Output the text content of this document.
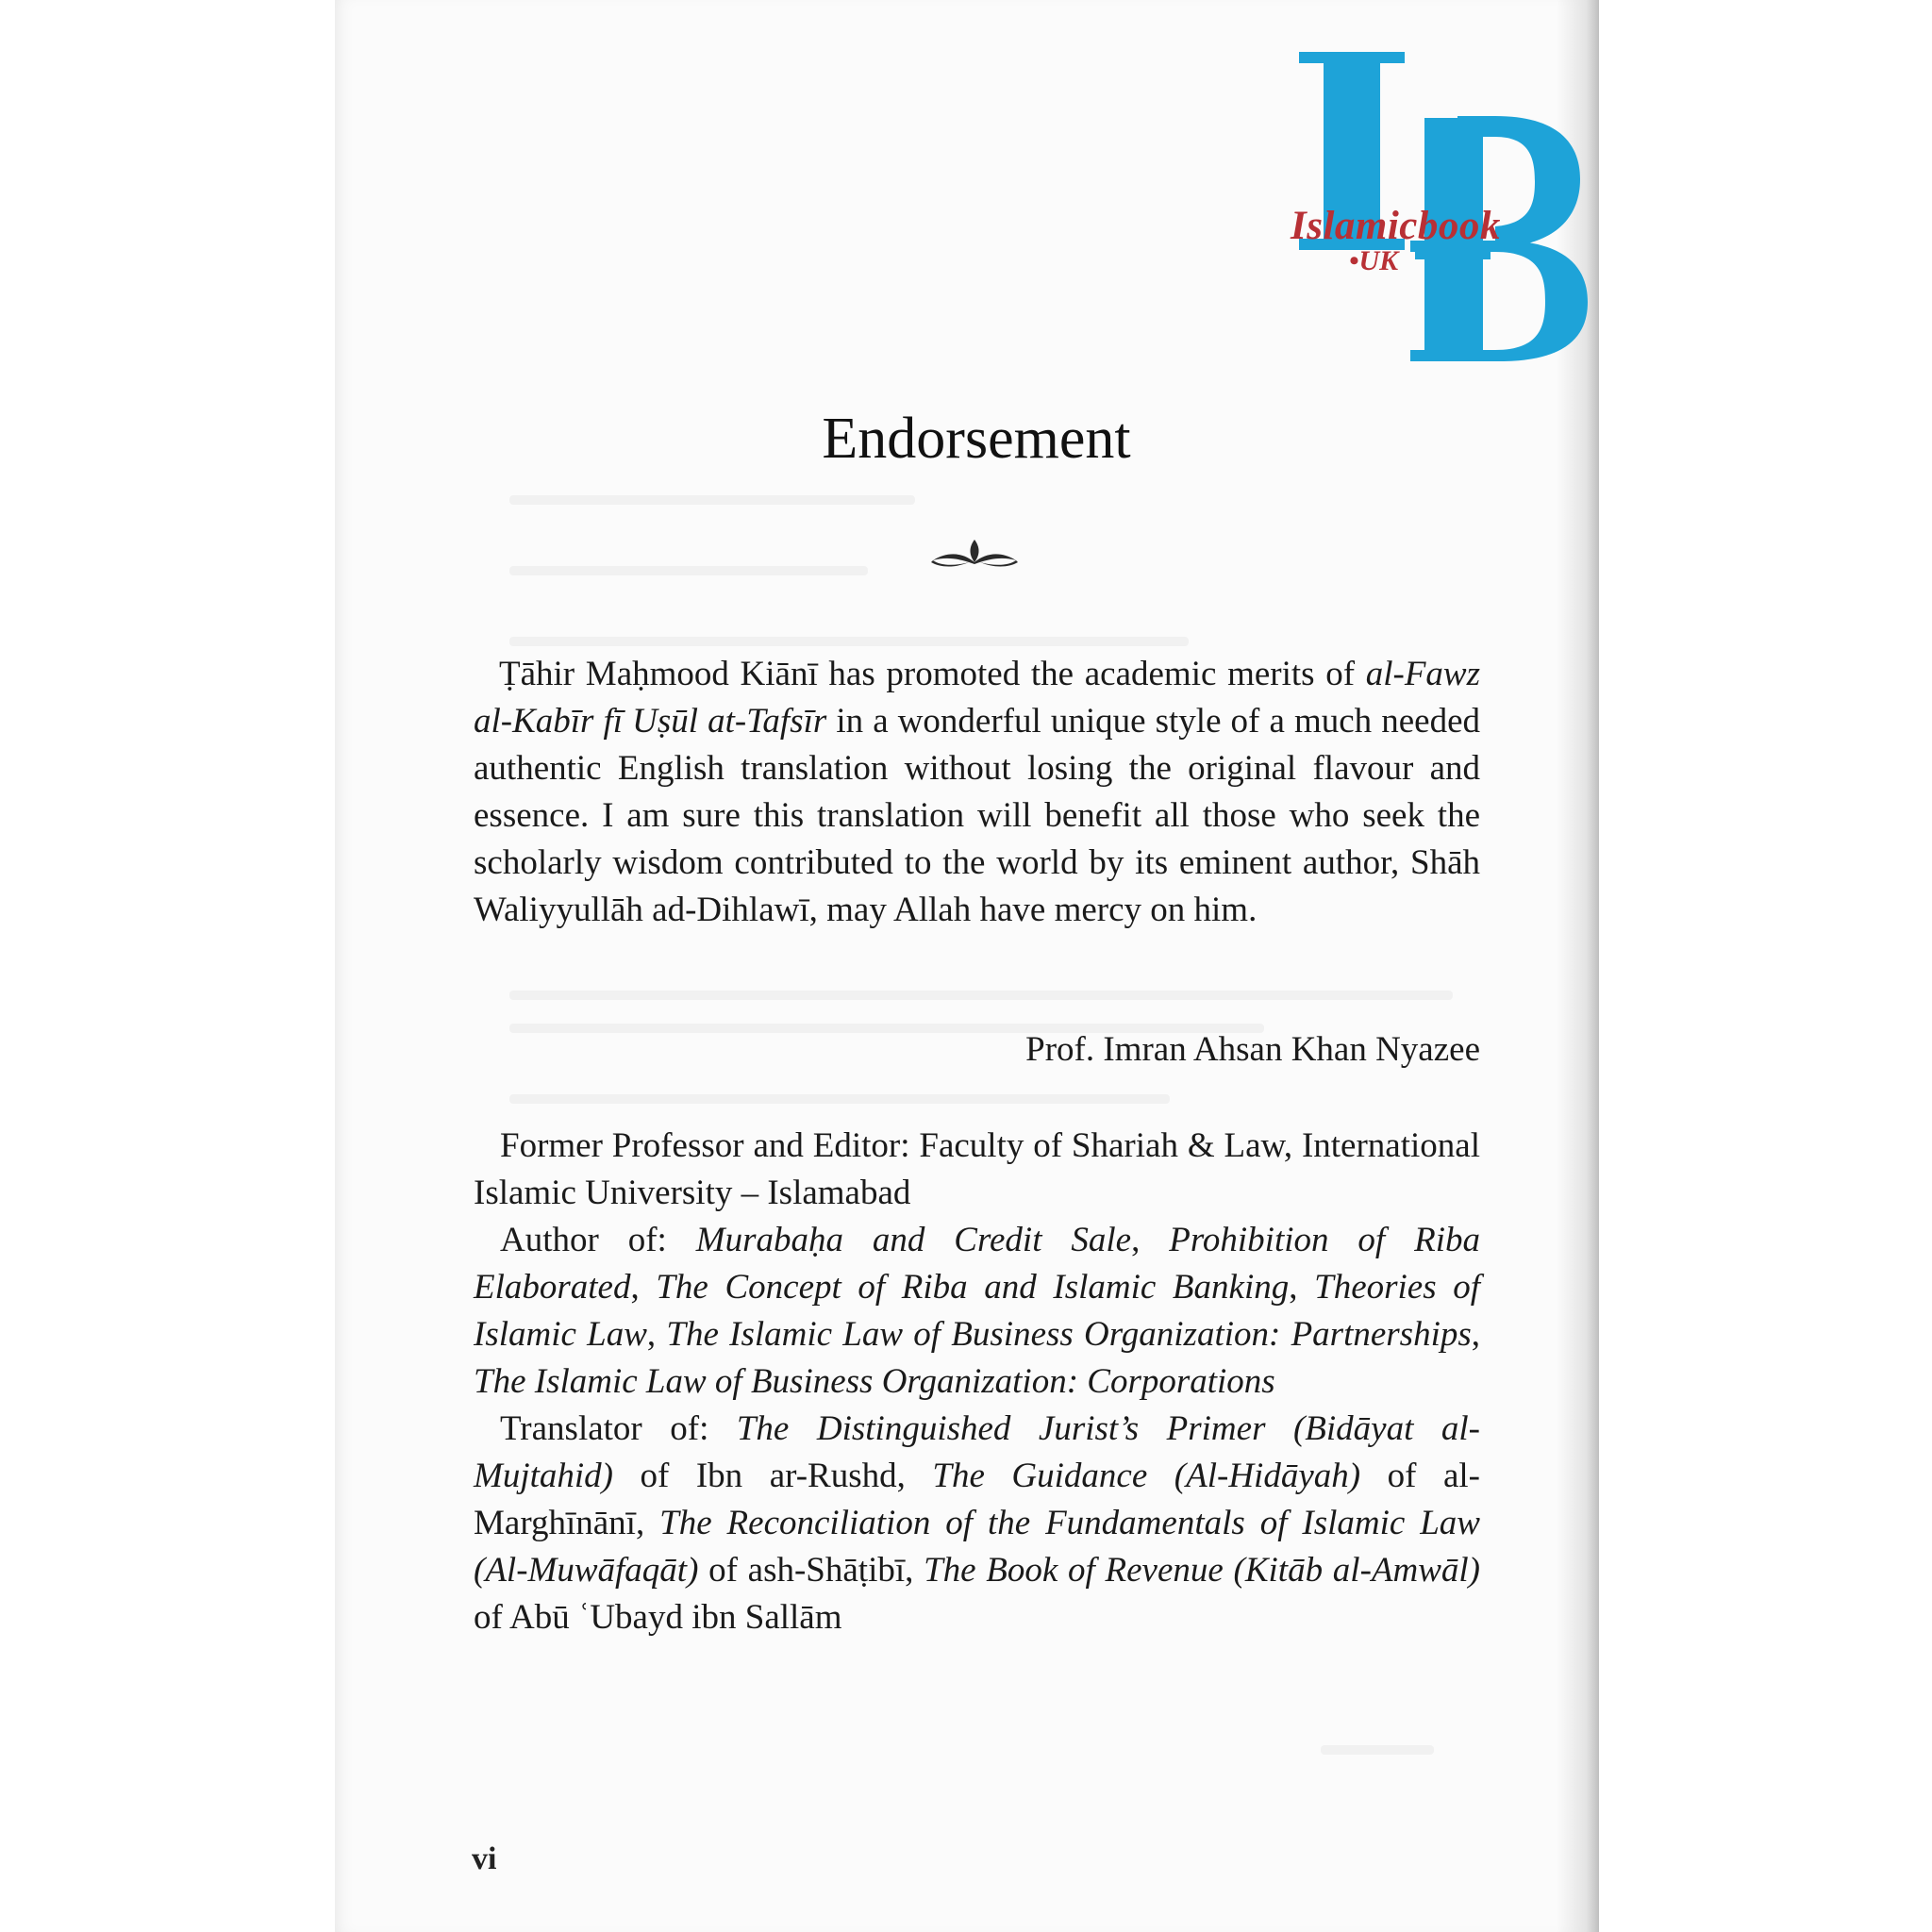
Islamicbook
•UK
Endorsement

Ṭāhir Maḥmood Kiānī has promoted the academic merits of al-Fawz al-Kabīr fī Uṣūl at-Tafsīr in a wonderful unique style of a much needed authentic English translation without losing the original flavour and essence. I am sure this translation will benefit all those who seek the scholarly wisdom contributed to the world by its eminent author, Shāh Waliyyullāh ad-Dihlawī, may Allah have mercy on him.

Prof. Imran Ahsan Khan Nyazee

Former Professor and Editor: Faculty of Shariah & Law, International Islamic University – Islamabad

Author of: Murabaḥa and Credit Sale, Prohibition of Riba Elaborated, The Concept of Riba and Islamic Banking, Theories of Islamic Law, The Islamic Law of Business Organization: Partnerships, The Islamic Law of Business Organization: Corporations

Translator of: The Distinguished Jurist’s Primer (Bidāyat al-Mujtahid) of Ibn ar-Rushd, The Guidance (Al-Hidāyah) of al-Marghīnānī, The Reconciliation of the Fundamentals of Islamic Law (Al-Muwāfaqāt) of ash-Shāṭibī, The Book of Revenue (Kitāb al-Amwāl) of Abū ʿUbayd ibn Sallām

vi
